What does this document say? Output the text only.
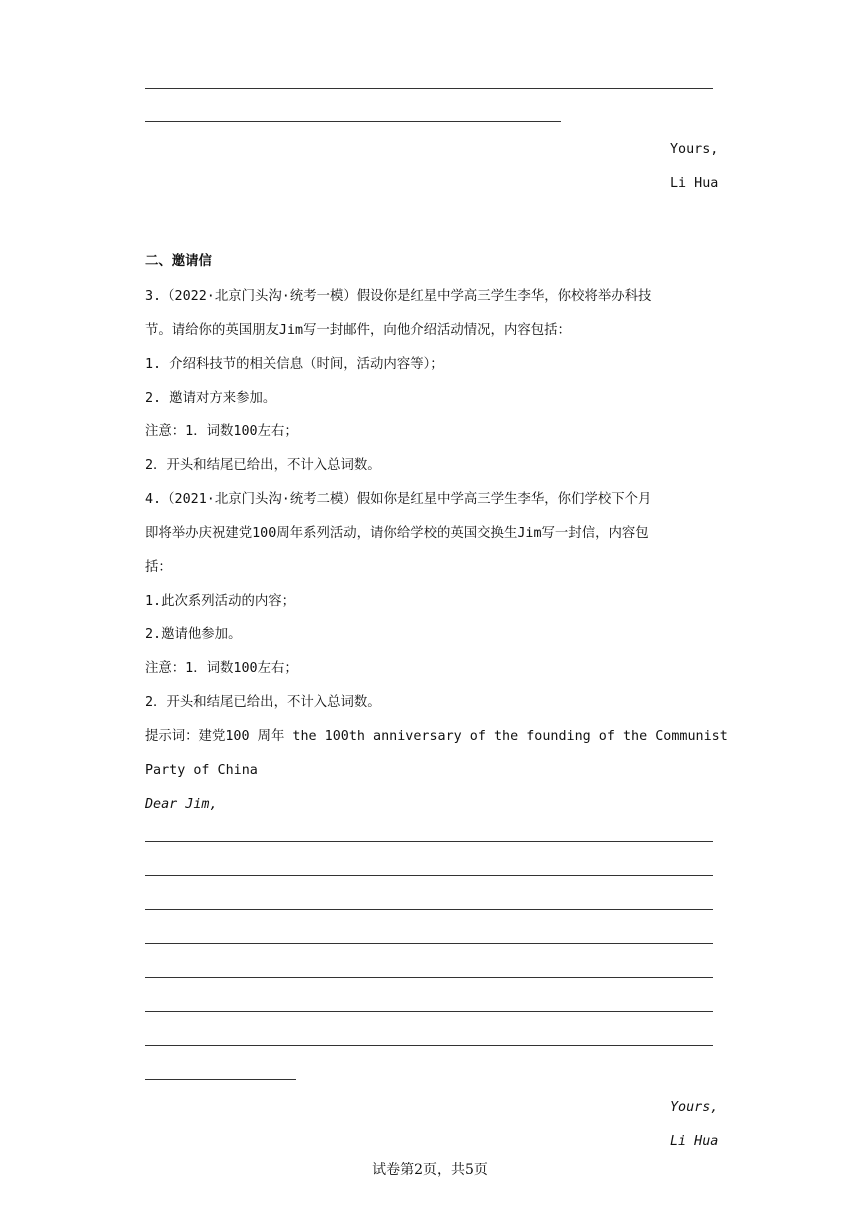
Yours,
Li Hua
二、邀请信
3.（2022·北京门头沟·统考一模）假设你是红星中学高三学生李华，你校将举办科技
节。请给你的英国朋友Jim写一封邮件，向他介绍活动情况，内容包括：
1. 介绍科技节的相关信息（时间，活动内容等）；
2. 邀请对方来参加。
注意：1．词数100左右；
2．开头和结尾已给出，不计入总词数。
4.（2021·北京门头沟·统考二模）假如你是红星中学高三学生李华，你们学校下个月
即将举办庆祝建党100周年系列活动，请你给学校的英国交换生Jim写一封信，内容包
括：
1.此次系列活动的内容；
2.邀请他参加。
注意：1．词数100左右；
2．开头和结尾已给出，不计入总词数。
提示词：建党100 周年 the 100th anniversary of the founding of the Communist
Party of China
Dear Jim,
Yours,
Li Hua
试卷第2页，共5页
